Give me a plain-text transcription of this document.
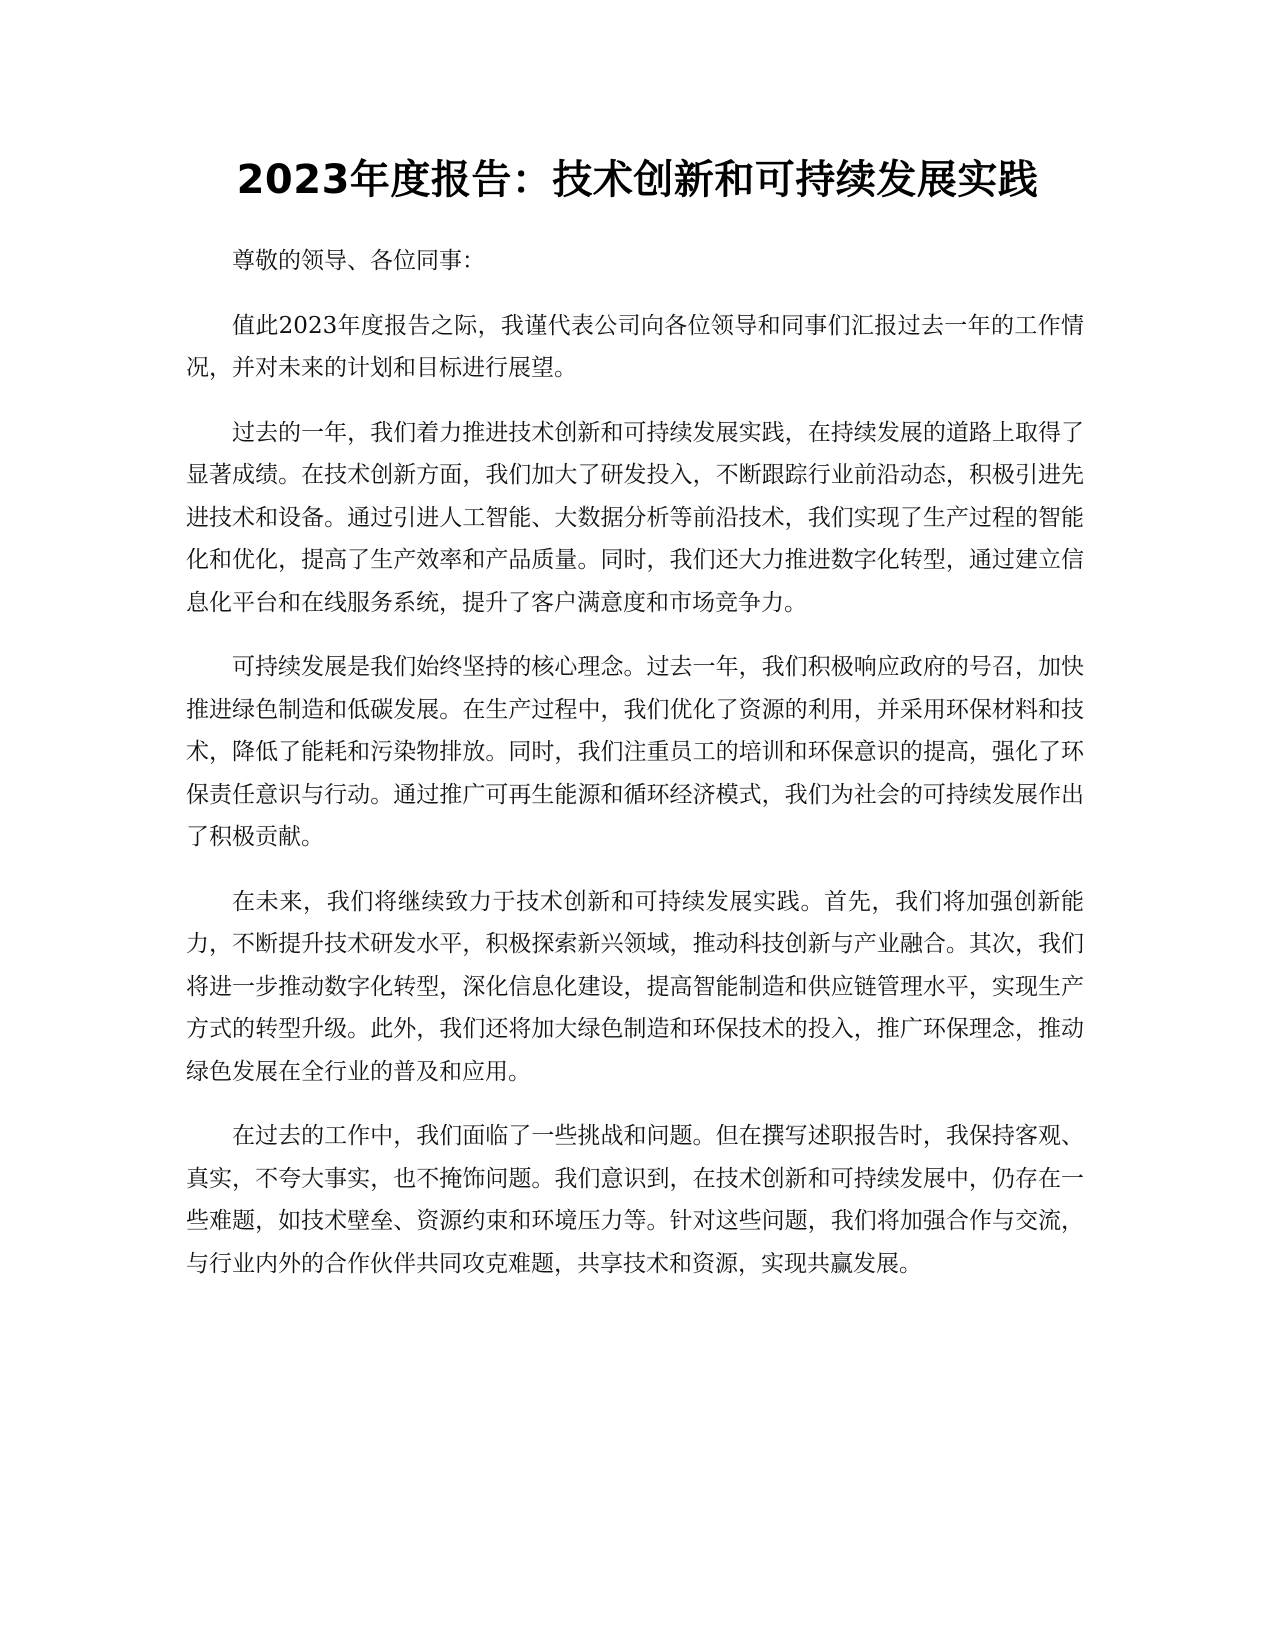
2023年度报告：技术创新和可持续发展实践

尊敬的领导、各位同事：

值此2023年度报告之际，我谨代表公司向各位领导和同事们汇报过去一年的工作情况，并对未来的计划和目标进行展望。

过去的一年，我们着力推进技术创新和可持续发展实践，在持续发展的道路上取得了显著成绩。在技术创新方面，我们加大了研发投入，不断跟踪行业前沿动态，积极引进先进技术和设备。通过引进人工智能、大数据分析等前沿技术，我们实现了生产过程的智能化和优化，提高了生产效率和产品质量。同时，我们还大力推进数字化转型，通过建立信息化平台和在线服务系统，提升了客户满意度和市场竞争力。

可持续发展是我们始终坚持的核心理念。过去一年，我们积极响应政府的号召，加快推进绿色制造和低碳发展。在生产过程中，我们优化了资源的利用，并采用环保材料和技术，降低了能耗和污染物排放。同时，我们注重员工的培训和环保意识的提高，强化了环保责任意识与行动。通过推广可再生能源和循环经济模式，我们为社会的可持续发展作出了积极贡献。

在未来，我们将继续致力于技术创新和可持续发展实践。首先，我们将加强创新能力，不断提升技术研发水平，积极探索新兴领域，推动科技创新与产业融合。其次，我们将进一步推动数字化转型，深化信息化建设，提高智能制造和供应链管理水平，实现生产方式的转型升级。此外，我们还将加大绿色制造和环保技术的投入，推广环保理念，推动绿色发展在全行业的普及和应用。

在过去的工作中，我们面临了一些挑战和问题。但在撰写述职报告时，我保持客观、真实，不夸大事实，也不掩饰问题。我们意识到，在技术创新和可持续发展中，仍存在一些难题，如技术壁垒、资源约束和环境压力等。针对这些问题，我们将加强合作与交流，与行业内外的合作伙伴共同攻克难题，共享技术和资源，实现共赢发展。
